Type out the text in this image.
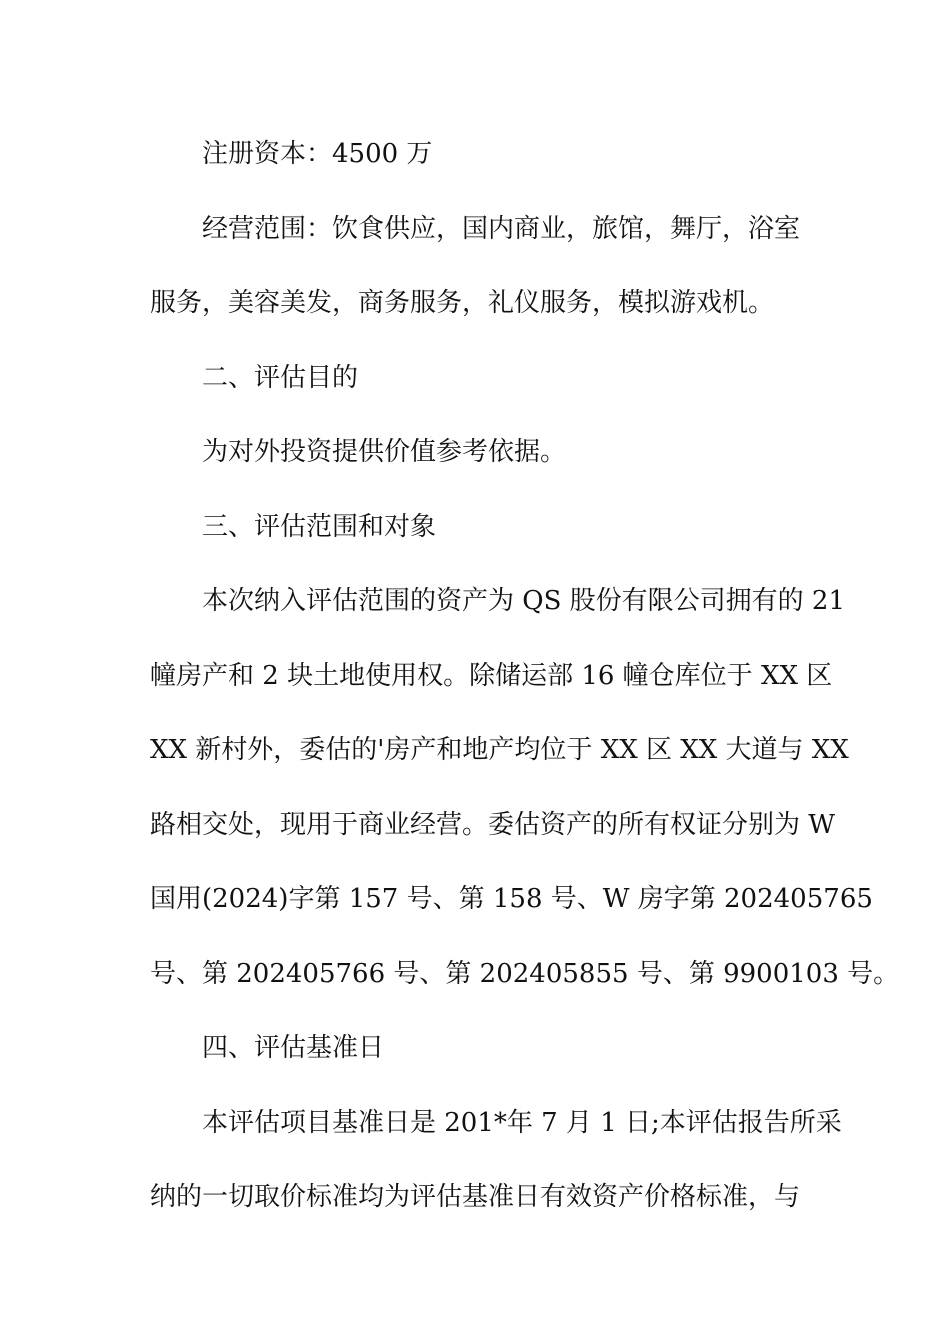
注册资本：4500 万
经营范围：饮食供应，国内商业，旅馆，舞厅，浴室
服务，美容美发，商务服务，礼仪服务，模拟游戏机。
二、评估目的
为对外投资提供价值参考依据。
三、评估范围和对象
本次纳入评估范围的资产为 QS 股份有限公司拥有的 21
幢房产和 2 块土地使用权。除储运部 16 幢仓库位于 XX 区
XX 新村外，委估的'房产和地产均位于 XX 区 XX 大道与 XX
路相交处，现用于商业经营。委估资产的所有权证分别为 W
国用(2024)字第 157 号、第 158 号、W 房字第 202405765
号、第 202405766 号、第 202405855 号、第 9900103 号。
四、评估基准日
本评估项目基准日是 201*年 7 月 1 日;本评估报告所采
纳的一切取价标准均为评估基准日有效资产价格标准，与
